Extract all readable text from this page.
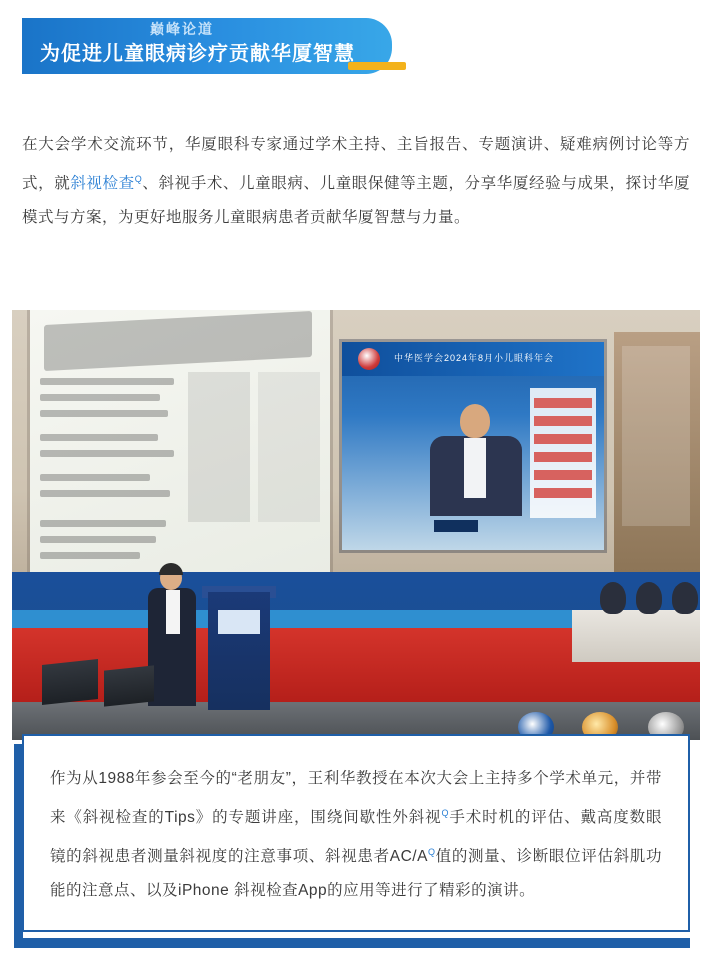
巅峰论道
为促进儿童眼病诊疗贡献华厦智慧
在大会学术交流环节，华厦眼科专家通过学术主持、主旨报告、专题演讲、疑难病例讨论等方式，就斜视检查$^Q$、斜视手术、儿童眼病、儿童眼保健等主题，分享华厦经验与成果，探讨华厦模式与方案，为更好地服务儿童眼病患者贡献华厦智慧与力量。
中华医学会2024年8月小儿眼科年会
作为从1988年参会至今的“老朋友”，王利华教授在本次大会上主持多个学术单元，并带来《斜视检查的Tips》的专题讲座，围绕间歇性外斜视$^Q$手术时机的评估、戴高度数眼镜的斜视患者测量斜视度的注意事项、斜视患者$AC/A^Q$值的测量、诊断眼位评估斜肌功能的注意点、以及iPhone 斜视检查App的应用等进行了精彩的演讲。
